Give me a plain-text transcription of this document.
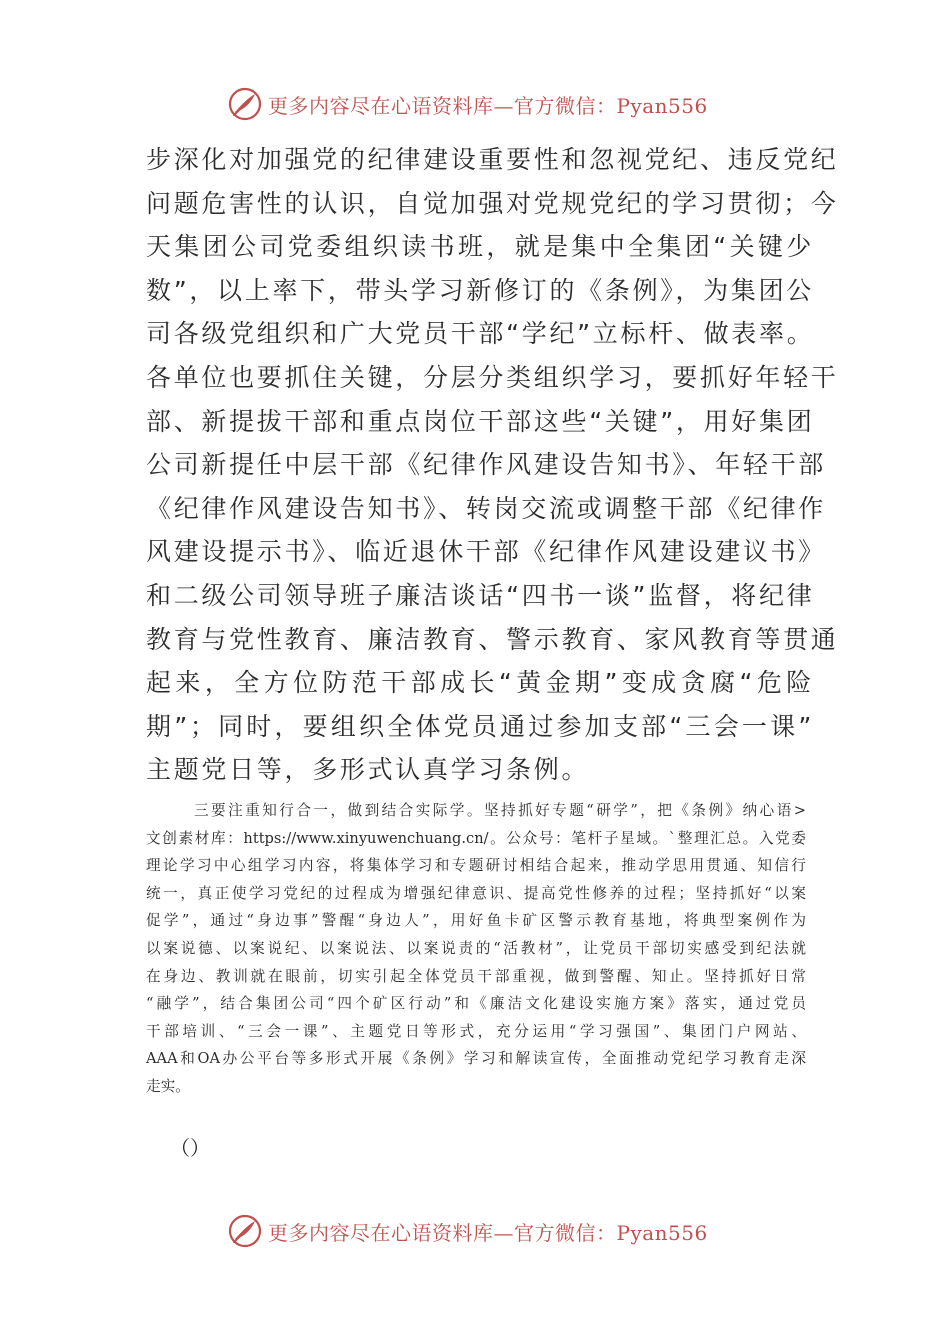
更多内容尽在心语资料库—官方微信：Pyan556
步深化对加强党的纪律建设重要性和忽视党纪、违反党纪
问题危害性的认识，自觉加强对党规党纪的学习贯彻；今
天集团公司党委组织读书班，就是集中全集团“关键少
数”，以上率下，带头学习新修订的《条例》，为集团公
司各级党组织和广大党员干部“学纪”立标杆、做表率。
各单位也要抓住关键，分层分类组织学习，要抓好年轻干
部、新提拔干部和重点岗位干部这些“关键”，用好集团
公司新提任中层干部《纪律作风建设告知书》、年轻干部
《纪律作风建设告知书》、转岗交流或调整干部《纪律作
风建设提示书》、临近退休干部《纪律作风建设建议书》
和二级公司领导班子廉洁谈话“四书一谈”监督，将纪律
教育与党性教育、廉洁教育、警示教育、家风教育等贯通
起来，全方位防范干部成长“黄金期”变成贪腐“危险
期”；同时，要组织全体党员通过参加支部“三会一课”
主题党日等，多形式认真学习条例。
三要注重知行合一，做到结合实际学。坚持抓好专题“研学”，把《条例》纳心语>
文创素材库：https://www.xinyuwenchuang.cn/。公众号：笔杆子星域。`整理汇总。入党委
理论学习中心组学习内容，将集体学习和专题研讨相结合起来，推动学思用贯通、知信行
统一，真正使学习党纪的过程成为增强纪律意识、提高党性修养的过程；坚持抓好“以案
促学”，通过“身边事”警醒“身边人”，用好鱼卡矿区警示教育基地，将典型案例作为
以案说德、以案说纪、以案说法、以案说责的“活教材”，让党员干部切实感受到纪法就
在身边、教训就在眼前，切实引起全体党员干部重视，做到警醒、知止。坚持抓好日常
“融学”，结合集团公司“四个矿区行动”和《廉洁文化建设实施方案》落实，通过党员
干部培训、“三会一课”、主题党日等形式，充分运用“学习强国”、集团门户网站、
AAA和OA办公平台等多形式开展《条例》学习和解读宣传，全面推动党纪学习教育走深
走实。
（）
更多内容尽在心语资料库—官方微信：Pyan556
